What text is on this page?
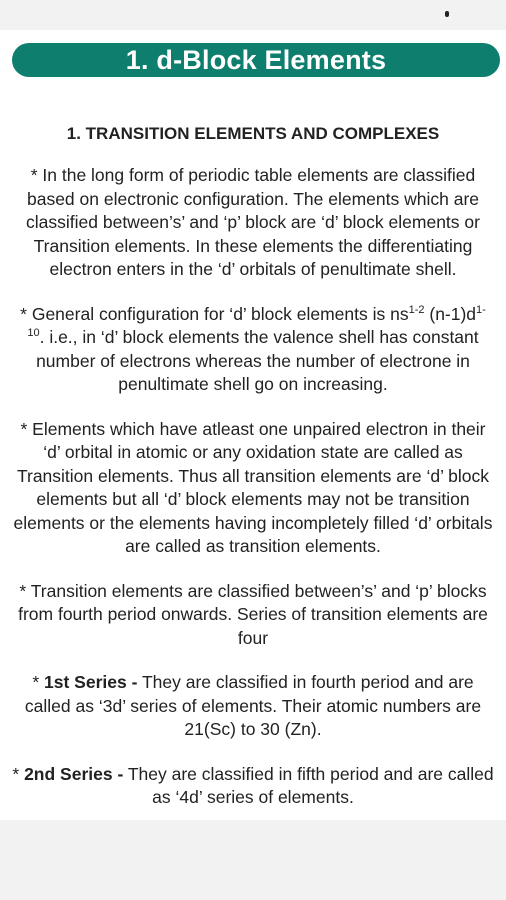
1. d-Block Elements
1. TRANSITION ELEMENTS AND COMPLEXES

* In the long form of periodic table elements are classified based on electronic configuration. The elements which are classified between’s’ and ‘p’ block are ‘d’ block elements or Transition elements. In these elements the differentiating electron enters in the ‘d’ orbitals of penultimate shell.

* General configuration for ‘d’ block elements is $ns^{1-2}$ $(n-1)d^{1-10}$. i.e., in ‘d’ block elements the valence shell has constant number of electrons whereas the number of electrone in penultimate shell go on increasing.

* Elements which have atleast one unpaired electron in their ‘d’ orbital in atomic or any oxidation state are called as Transition elements. Thus all transition elements are ‘d’ block elements but all ‘d’ block elements may not be transition elements or the elements having incompletely filled ‘d’ orbitals are called as transition elements.

* Transition elements are classified between’s’ and ‘p’ blocks from fourth period onwards. Series of transition elements are four

* 1st Series - They are classified in fourth period and are called as ‘3d’ series of elements. Their atomic numbers are 21(Sc) to 30 (Zn).

* 2nd Series - They are classified in fifth period and are called as ‘4d’ series of elements.
